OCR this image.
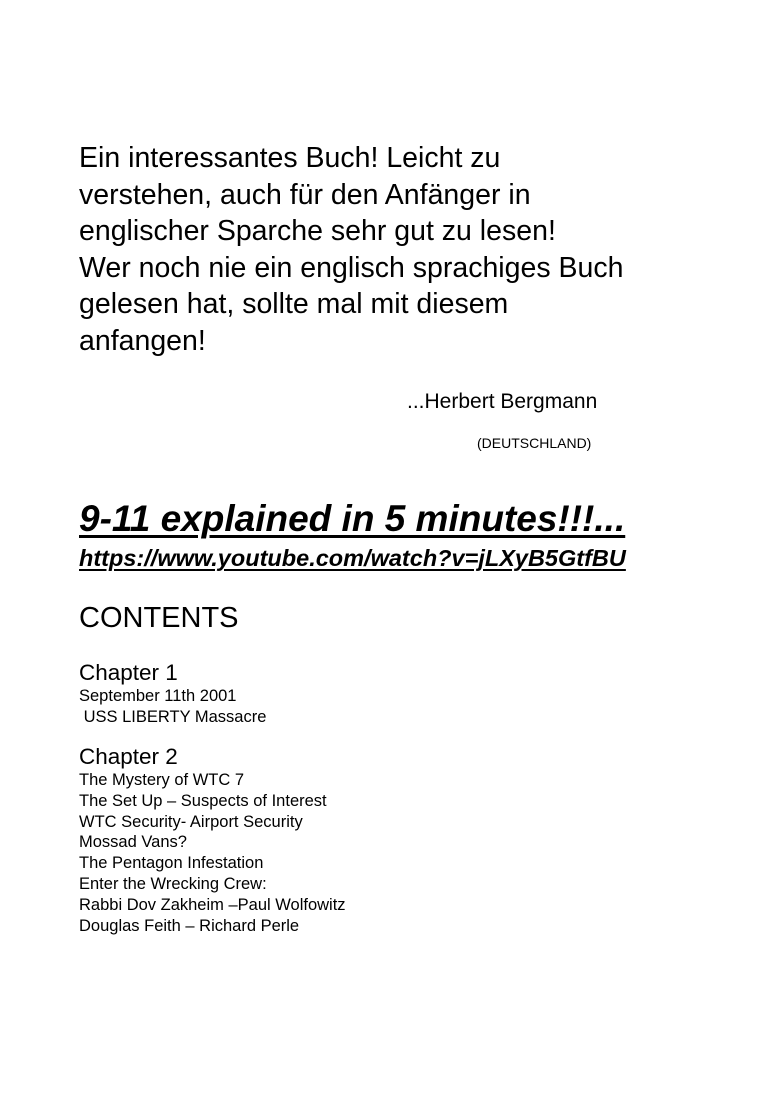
Ein interessantes Buch! Leicht zu
verstehen, auch für den Anfänger in
englischer Sparche sehr gut zu lesen!
Wer noch nie ein englisch sprachiges Buch
gelesen hat, sollte mal mit diesem
anfangen!
...Herbert Bergmann
(DEUTSCHLAND)
9-11 explained in 5 minutes!!!...
https://www.youtube.com/watch?v=jLXyB5GtfBU
CONTENTS
Chapter 1
September 11th 2001
USS LIBERTY Massacre
Chapter 2
The Mystery of WTC 7
The Set Up – Suspects of Interest
WTC Security- Airport Security
Mossad Vans?
The Pentagon Infestation
Enter the Wrecking Crew:
Rabbi Dov Zakheim –Paul Wolfowitz
Douglas Feith – Richard Perle
